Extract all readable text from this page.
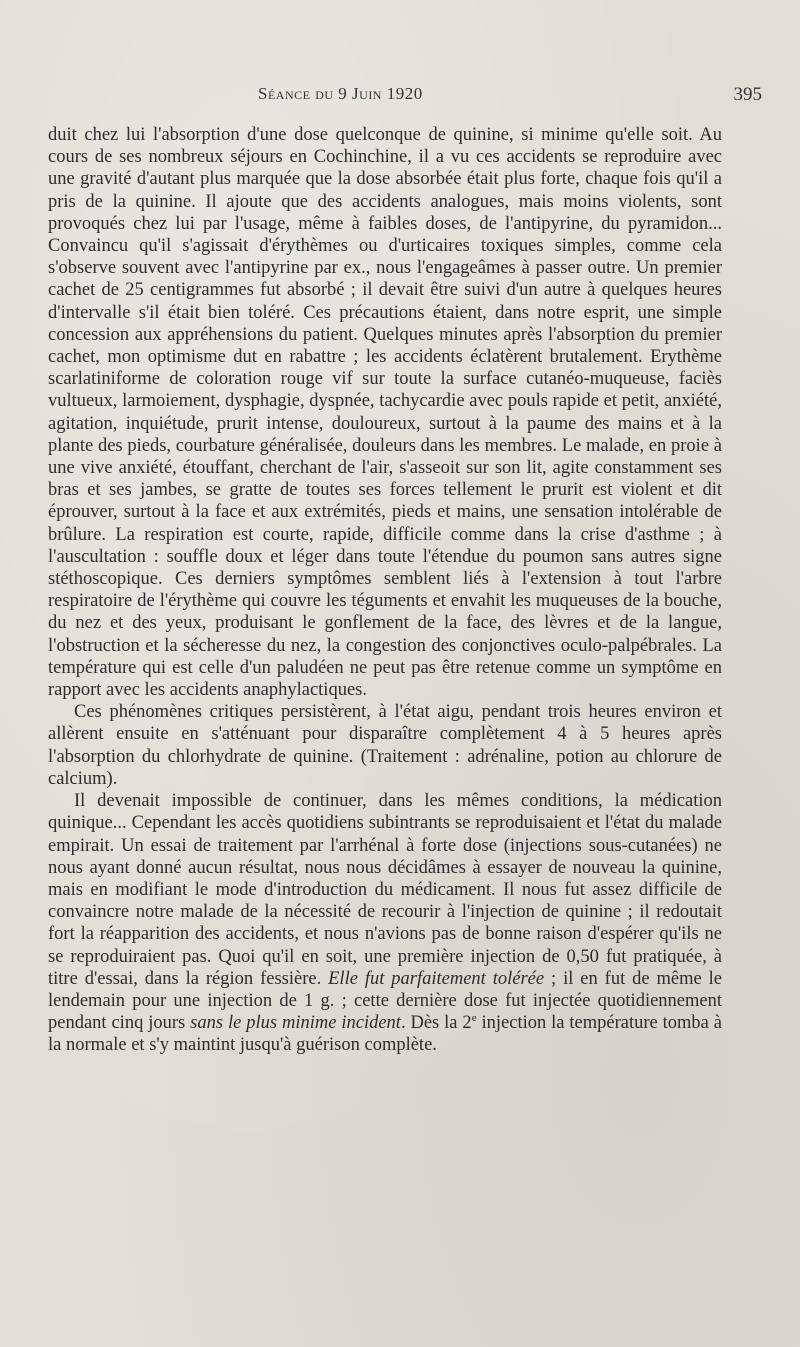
Séance du 9 Juin 1920	395

duit chez lui l'absorption d'une dose quelconque de quinine, si minime qu'elle soit. Au cours de ses nombreux séjours en Cochinchine, il a vu ces accidents se reproduire avec une gravité d'autant plus marquée que la dose absorbée était plus forte, chaque fois qu'il a pris de la quinine. Il ajoute que des accidents analogues, mais moins violents, sont provoqués chez lui par l'usage, même à faibles doses, de l'antipyrine, du pyramidon... Convaincu qu'il s'agissait d'érythèmes ou d'urticaires toxiques simples, comme cela s'observe souvent avec l'antipyrine par ex., nous l'engageâmes à passer outre. Un premier cachet de 25 centigrammes fut absorbé ; il devait être suivi d'un autre à quelques heures d'intervalle s'il était bien toléré. Ces précautions étaient, dans notre esprit, une simple concession aux appréhensions du patient. Quelques minutes après l'absorption du premier cachet, mon optimisme dut en rabattre ; les accidents éclatèrent brutalement. Erythème scarlatiniforme de coloration rouge vif sur toute la surface cutanéo-muqueuse, faciès vultueux, larmoiement, dysphagie, dyspnée, tachycardie avec pouls rapide et petit, anxiété, agitation, inquiétude, prurit intense, douloureux, surtout à la paume des mains et à la plante des pieds, courbature généralisée, douleurs dans les membres. Le malade, en proie à une vive anxiété, étouffant, cherchant de l'air, s'asseoit sur son lit, agite constamment ses bras et ses jambes, se gratte de toutes ses forces tellement le prurit est violent et dit éprouver, surtout à la face et aux extrémités, pieds et mains, une sensation intolérable de brûlure. La respiration est courte, rapide, difficile comme dans la crise d'asthme ; à l'auscultation : souffle doux et léger dans toute l'étendue du poumon sans autres signe stéthoscopique. Ces derniers symptômes semblent liés à l'extension à tout l'arbre respiratoire de l'érythème qui couvre les téguments et envahit les muqueuses de la bouche, du nez et des yeux, produisant le gonflement de la face, des lèvres et de la langue, l'obstruction et la sécheresse du nez, la congestion des conjonctives oculo-palpébrales. La température qui est celle d'un paludéen ne peut pas être retenue comme un symptôme en rapport avec les accidents anaphylactiques.

Ces phénomènes critiques persistèrent, à l'état aigu, pendant trois heures environ et allèrent ensuite en s'atténuant pour disparaître complètement 4 à 5 heures après l'absorption du chlorhydrate de quinine. (Traitement : adrénaline, potion au chlorure de calcium).

Il devenait impossible de continuer, dans les mêmes conditions, la médication quinique... Cependant les accès quotidiens subintrants se reproduisaient et l'état du malade empirait. Un essai de traitement par l'arrhénal à forte dose (injections sous-cutanées) ne nous ayant donné aucun résultat, nous nous décidâmes à essayer de nouveau la quinine, mais en modifiant le mode d'introduction du médicament. Il nous fut assez difficile de convaincre notre malade de la nécessité de recourir à l'injection de quinine ; il redoutait fort la réapparition des accidents, et nous n'avions pas de bonne raison d'espérer qu'ils ne se reproduiraient pas. Quoi qu'il en soit, une première injection de 0,50 fut pratiquée, à titre d'essai, dans la région fessière. Elle fut parfaitement tolérée ; il en fut de même le lendemain pour une injection de 1 g. ; cette dernière dose fut injectée quotidiennement pendant cinq jours sans le plus minime incident. Dès la 2e injection la température tomba à la normale et s'y maintint jusqu'à guérison complète.
